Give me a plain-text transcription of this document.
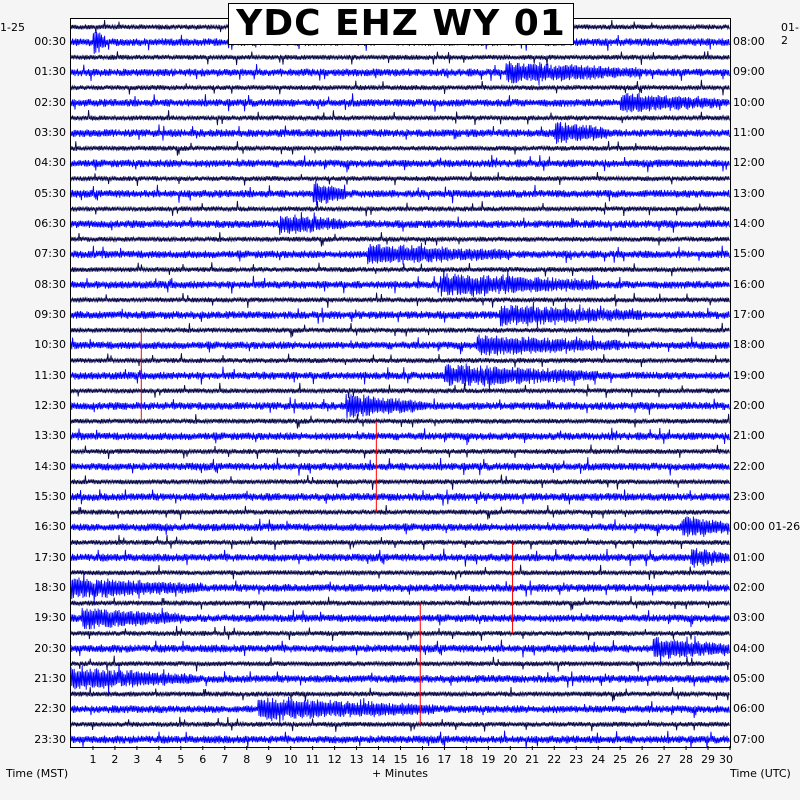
YDC EHZ WY 01
1-25	01-2
00:30
01:30
02:30
03:30
04:30
05:30
06:30
07:30
08:30
09:30
10:30
11:30
12:30
13:30
14:30
15:30
16:30
17:30
18:30
19:30
20:30
21:30
22:30
23:30
08:00
09:00
10:00
11:00
12:00
13:00
14:00
15:00
16:00
17:00
18:00
19:00
20:00
21:00
22:00
23:00
00:00 01-26
01:00
02:00
03:00
04:00
05:00
06:00
07:00
1	2	3	4	5	6	7	8	9	10 11 12 13 14 15 16 17 18 19 20 21 22 23 24 25 26 27 28 29 30
Time (MST)	+ Minutes	Time (UTC)
